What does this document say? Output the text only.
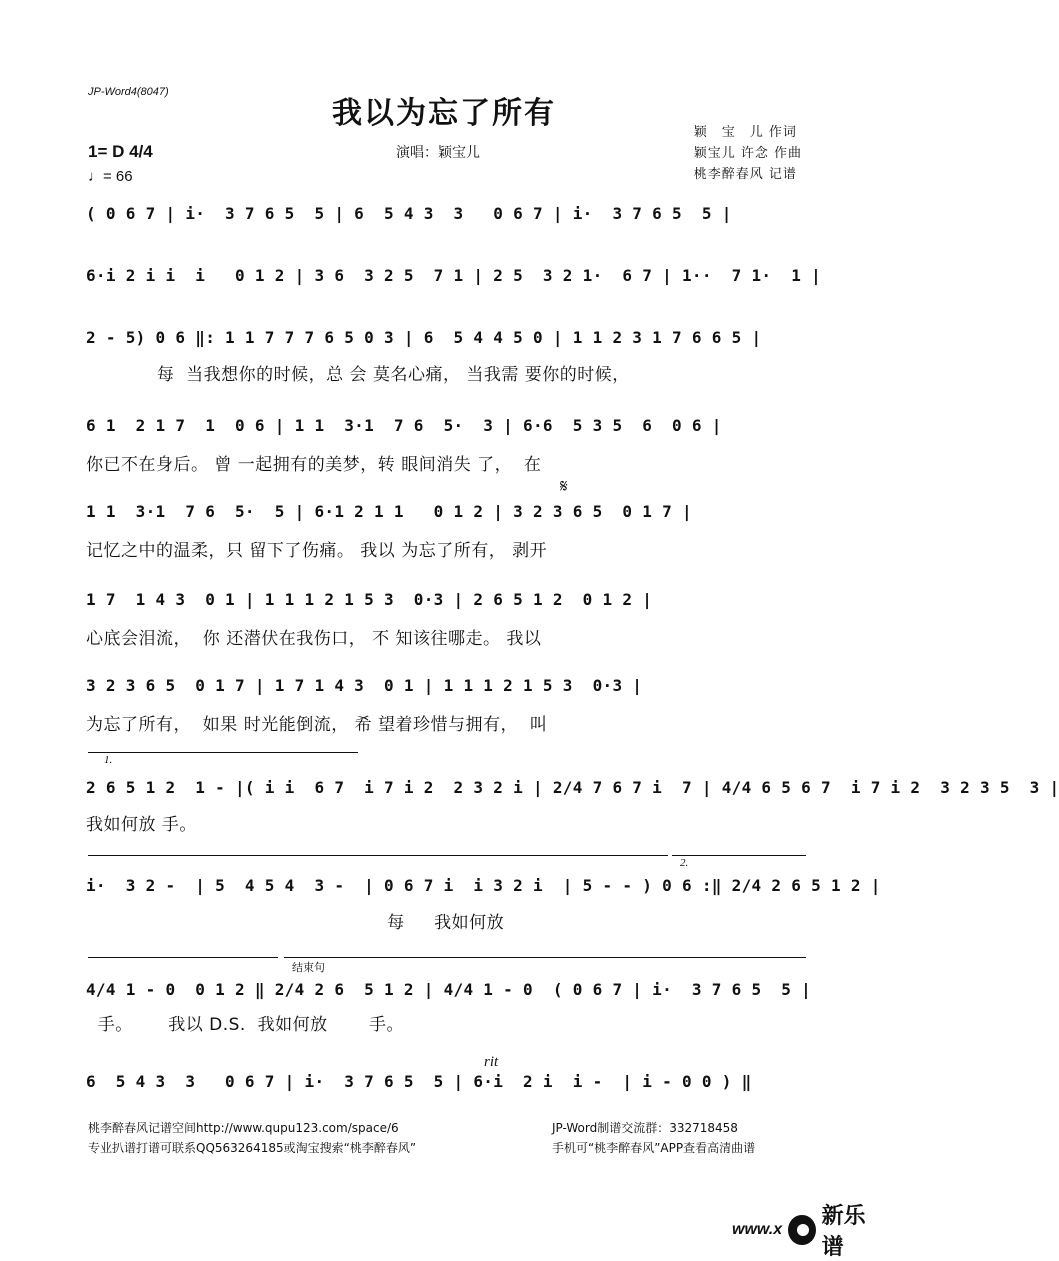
JP-Word4(8047)
我以为忘了所有
演唱：颖宝儿
颖　宝　儿 作词
颖宝儿 许念 作曲
桃李醉春风 记谱
1= D 4/4
♩= 66
( 0 6 7 | i·  3 7 6 5  5 | 6  5 4 3  3   0 6 7 | i·  3 7 6 5  5 |
6·i 2 i i  i   0 1 2 | 3 6  3 2 5  7 1 | 2 5  3 2 1·  6 7 | 1··  7 1·  1 |
2 - 5) 0 6 ‖: 1 1 7 7 7 6 5 0 3 | 6  5 4 4 5 0 | 1 1 2 3 1 7 6 6 5 |
每  当我想你的时候，总 会 莫名心痛， 当我需 要你的时候，
6 1  2 1 7  1  0 6 | 1 1  3·1  7 6  5·  3 | 6·6  5 3 5  6  0 6 |
你已不在身后。 曾 一起拥有的美梦，转 眼间消失 了，  在
𝄋
1 1  3·1  7 6  5·  5 | 6·1 2 1 1   0 1 2 | 3 2 3 6 5  0 1 7 |
记忆之中的温柔，只 留下了伤痛。 我以 为忘了所有， 剥开
1 7  1 4 3  0 1 | 1 1 1 2 1 5 3  0·3 | 2 6 5 1 2  0 1 2 |
心底会泪流，  你 还潜伏在我伤口， 不 知该往哪走。 我以
3 2 3 6 5  0 1 7 | 1 7 1 4 3  0 1 | 1 1 1 2 1 5 3  0·3 |
为忘了所有，  如果 时光能倒流， 希 望着珍惜与拥有，  叫
1.
2 6 5 1 2  1 - |( i i  6 7  i 7 i 2  2 3 2 i | 2/4 7 6 7 i  7 | 4/4 6 5 6 7  i 7 i 2  3 2 3 5  3 |
我如何放 手。
2.
i·  3 2 -  | 5  4 5 4  3 -  | 0 6 7 i  i 3 2 i  | 5 - - ) 0 6 :‖ 2/4 2 6 5 1 2 |
每     我如何放
结束句
4/4 1 - 0  0 1 2 ‖ 2/4 2 6  5 1 2 | 4/4 1 - 0  ( 0 6 7 | i·  3 7 6 5  5 |
手。      我以 D.S.  我如何放       手。
rit
6  5 4 3  3   0 6 7 | i·  3 7 6 5  5 | 6·i  2 i  i -  | i - 0 0 ) ‖
桃李醉春风记谱空间http://www.qupu123.com/space/6
专业扒谱打谱可联系QQ563264185或淘宝搜索“桃李醉春风”
JP-Word制谱交流群：332718458
手机可“桃李醉春风”APP查看高清曲谱
www.x
新乐谱
